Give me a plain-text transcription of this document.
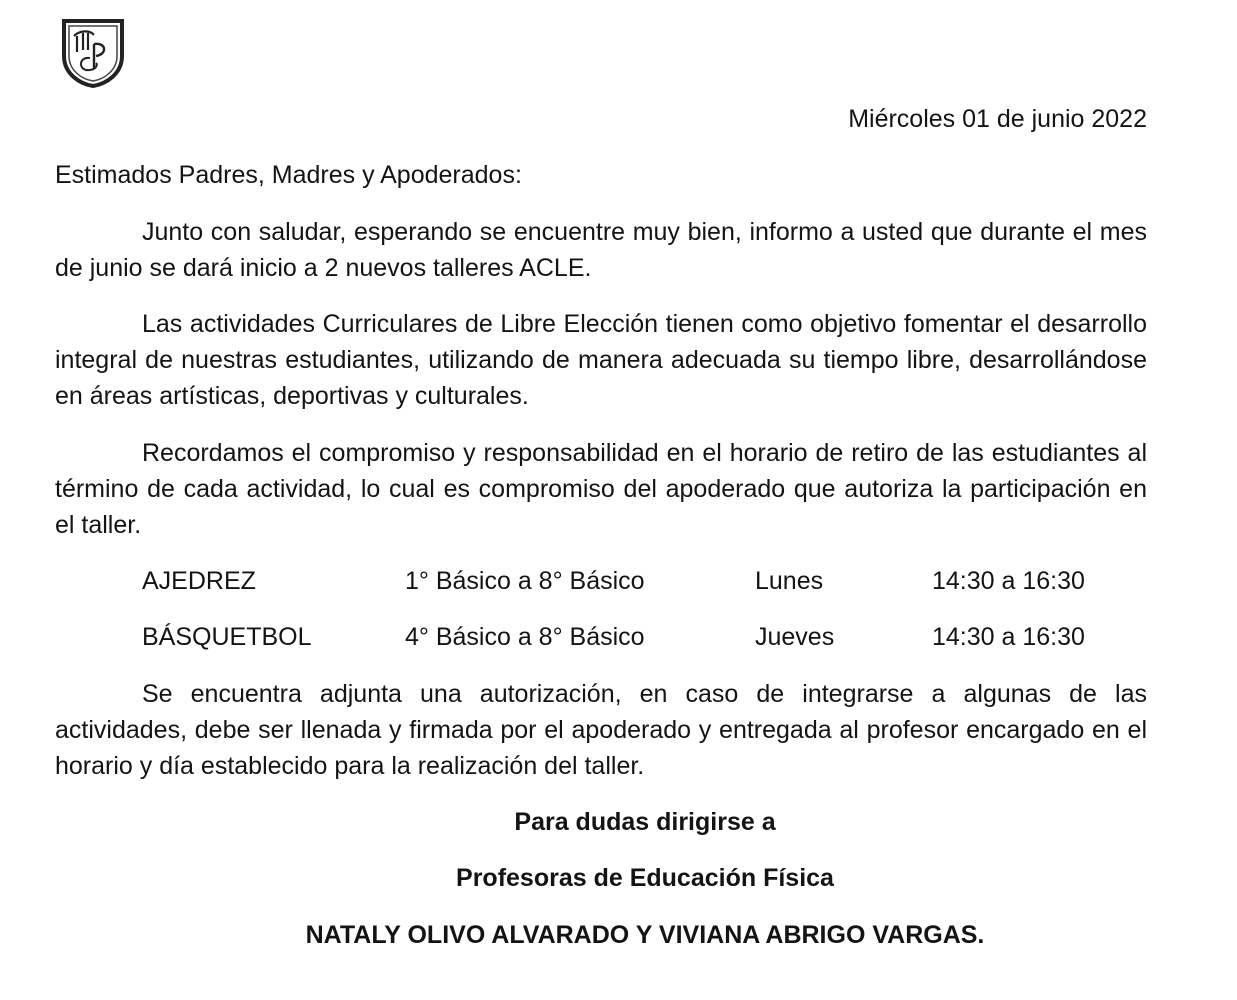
Miércoles 01 de junio 2022
Estimados Padres, Madres y Apoderados:

Junto con saludar, esperando se encuentre muy bien, informo a usted que durante el mes de junio se dará inicio a 2 nuevos talleres ACLE.

Las actividades Curriculares de Libre Elección tienen como objetivo fomentar el desarrollo integral de nuestras estudiantes, utilizando de manera adecuada su tiempo libre, desarrollándose en áreas artísticas, deportivas y culturales.

Recordamos el compromiso y responsabilidad en el horario de retiro de las estudiantes al término de cada actividad, lo cual es compromiso del apoderado que autoriza la participación en el taller.

AJEDREZ	1° Básico a 8° Básico	Lunes	14:30 a 16:30
BÁSQUETBOL	4° Básico a 8° Básico	Jueves	14:30 a 16:30

Se encuentra adjunta una autorización, en caso de integrarse a algunas de las actividades, debe ser llenada y firmada por el apoderado y entregada al profesor encargado en el horario y día establecido para la realización del taller.

Para dudas dirigirse a
Profesoras de Educación Física
NATALY OLIVO ALVARADO Y VIVIANA ABRIGO VARGAS.
